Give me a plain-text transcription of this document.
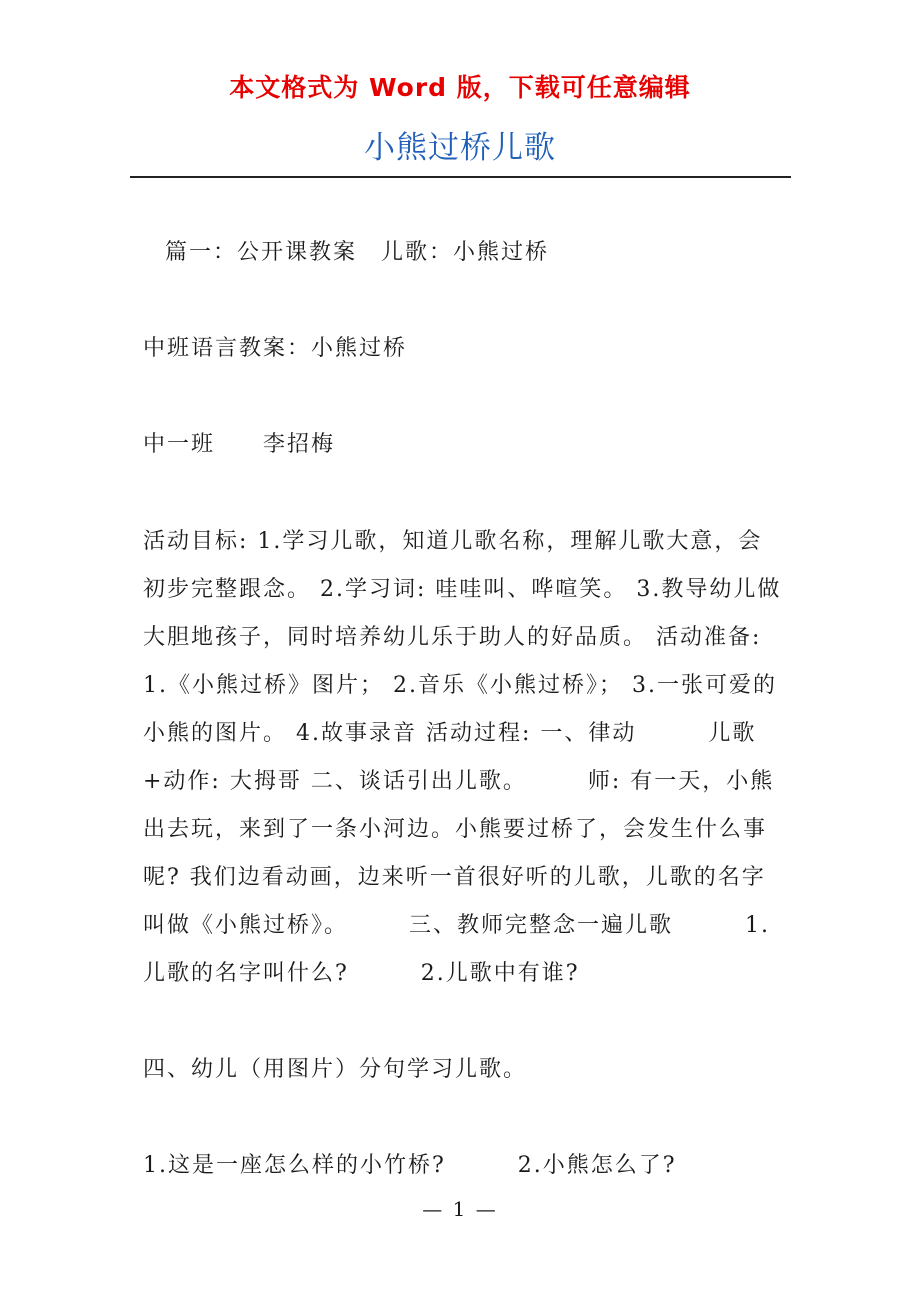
本文格式为 Word 版，下载可任意编辑
小熊过桥儿歌
篇一：公开课教案　儿歌：小熊过桥
中班语言教案：小熊过桥
中一班　　李招梅
活动目标: 1.学习儿歌，知道儿歌名称，理解儿歌大意，会初步完整跟念。 2.学习词: 哇哇叫、哗喧笑。 3.教导幼儿做大胆地孩子，同时培养幼儿乐于助人的好品质。 活动准备: 1.《小熊过桥》图片； 2.音乐《小熊过桥》； 3.一张可爱的小熊的图片。 4.故事录音 活动过程: 一、律动　　　儿歌+动作: 大拇哥 二、谈话引出儿歌。　　　师: 有一天，小熊出去玩，来到了一条小河边。小熊要过桥了，会发生什么事呢? 我们边看动画，边来听一首很好听的儿歌，儿歌的名字叫做《小熊过桥》。　　　三、教师完整念一遍儿歌　　　1.儿歌的名字叫什么?　　　2.儿歌中有谁?
四、幼儿（用图片）分句学习儿歌。
1.这是一座怎么样的小竹桥?　　　2.小熊怎么了?
— 1 —
